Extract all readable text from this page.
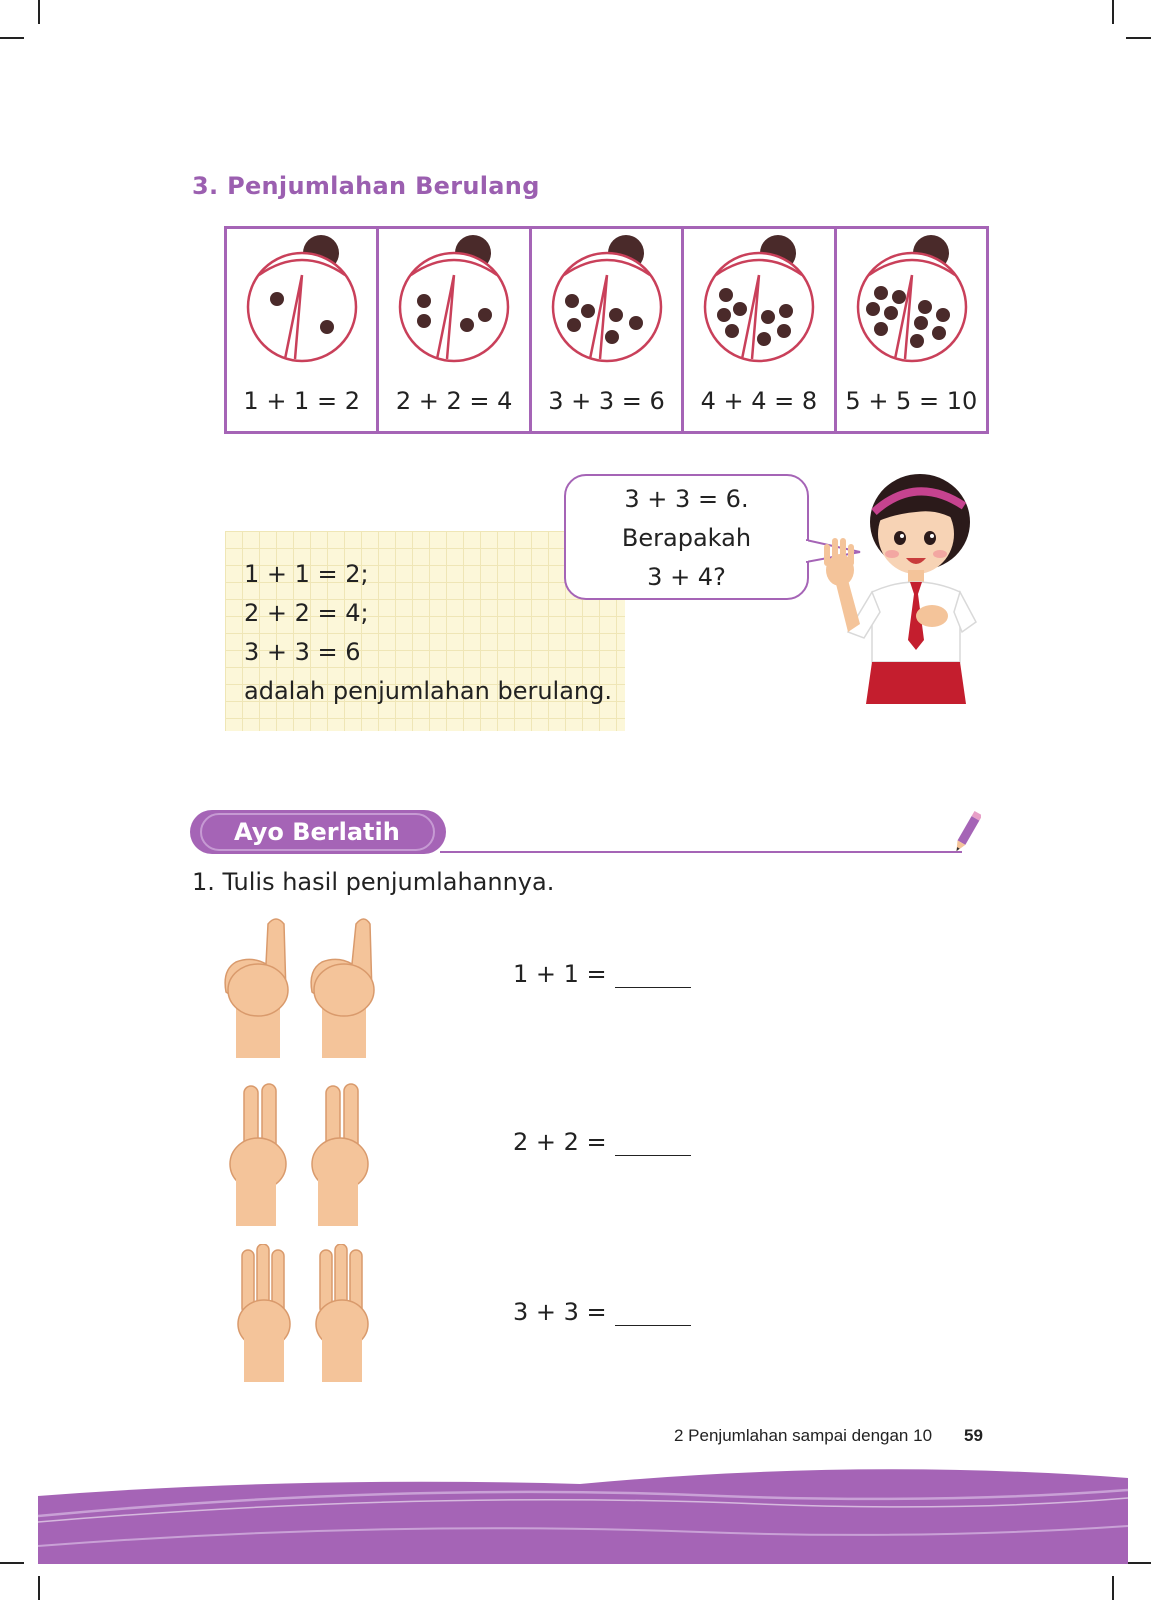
3. Penjumlahan Berulang
1 + 1 = 2	2 + 2 = 4	3 + 3 = 6	4 + 4 = 8	5 + 5 = 10
1 + 1 = 2;
2 + 2 = 4;
3 + 3 = 6
adalah penjumlahan berulang.
3 + 3 = 6.
Berapakah
3 + 4?
Ayo Berlatih
1. Tulis hasil penjumlahannya.
1 + 1 =
2 + 2 =
3 + 3 =
2 Penjumlahan sampai dengan 10 59
